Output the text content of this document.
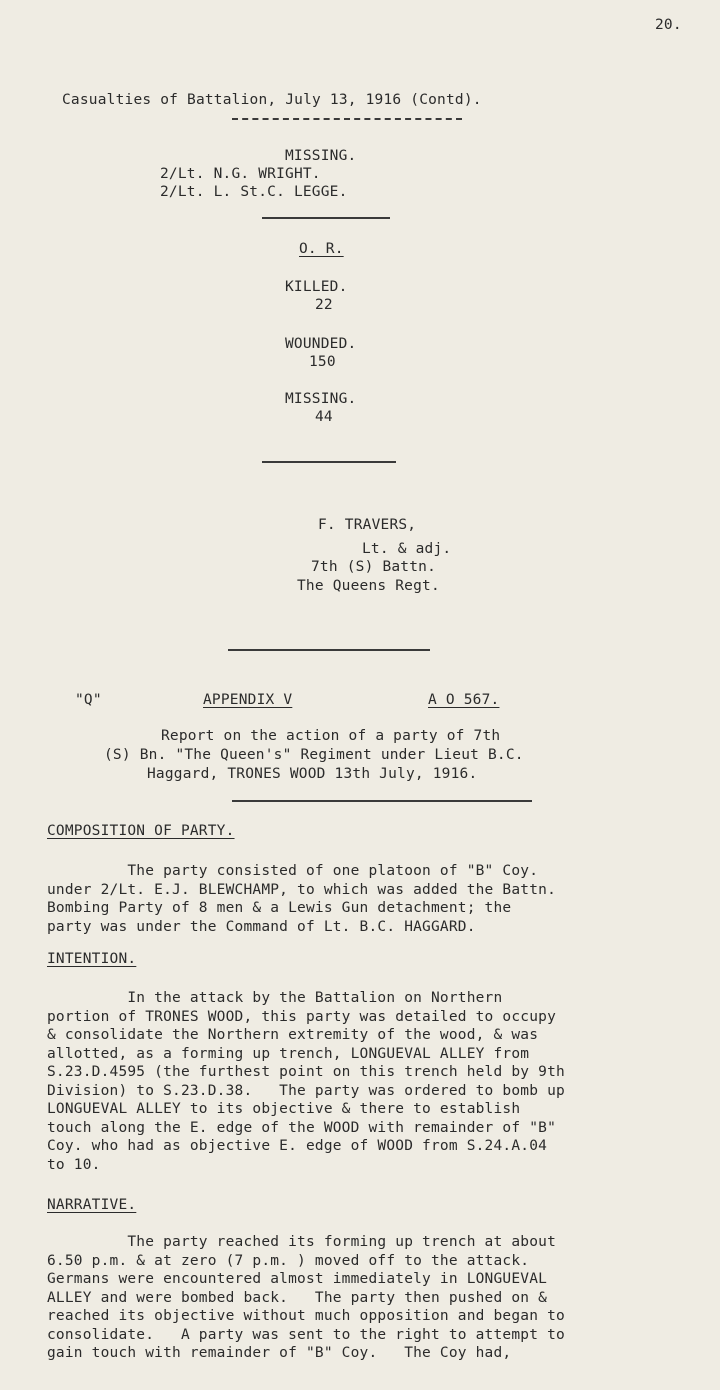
20.
Casualties of Battalion, July 13, 1916 (Contd).
MISSING.
2/Lt. N.G. WRIGHT.
2/Lt. L. St.C. LEGGE.
O. R.
KILLED.
22
WOUNDED.
150
MISSING.
44
F. TRAVERS,
Lt. & adj.
7th (S) Battn.
The Queens Regt.
"Q"	APPENDIX V	A O 567.
Report on the action of a party of 7th
(S) Bn. "The Queen's" Regiment under Lieut B.C.
Haggard, TRONES WOOD 13th July, 1916.
COMPOSITION OF PARTY.
The party consisted of one platoon of "B" Coy.
under 2/Lt. E.J. BLEWCHAMP, to which was added the Battn.
Bombing Party of 8 men & a Lewis Gun detachment; the
party was under the Command of Lt. B.C. HAGGARD.
INTENTION.
In the attack by the Battalion on Northern
portion of TRONES WOOD, this party was detailed to occupy
& consolidate the Northern extremity of the wood, & was
allotted, as a forming up trench, LONGUEVAL ALLEY from
S.23.D.4595 (the furthest point on this trench held by 9th
Division) to S.23.D.38.   The party was ordered to bomb up
LONGUEVAL ALLEY to its objective & there to establish
touch along the E. edge of the WOOD with remainder of "B"
Coy. who had as objective E. edge of WOOD from S.24.A.04
to 10.
NARRATIVE.
The party reached its forming up trench at about
6.50 p.m. & at zero (7 p.m. ) moved off to the attack.
Germans were encountered almost immediately in LONGUEVAL
ALLEY and were bombed back.   The party then pushed on &
reached its objective without much opposition and began to
consolidate.   A party was sent to the right to attempt to
gain touch with remainder of "B" Coy.   The Coy had,
